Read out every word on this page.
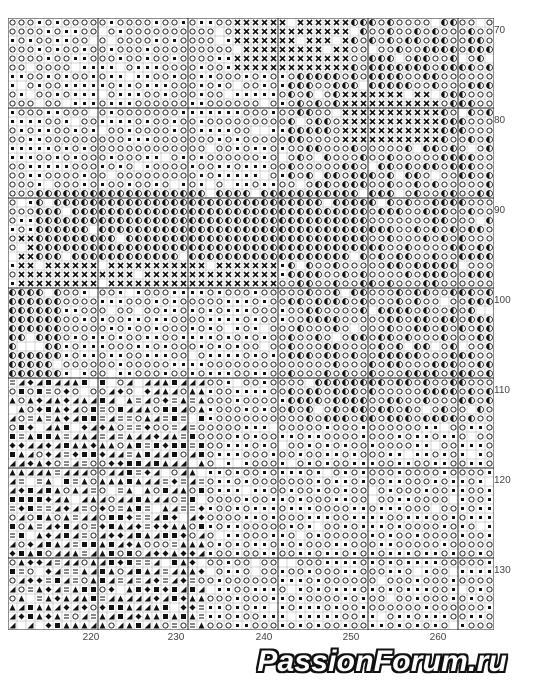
70
80
90
100
110
120
130
220	230	240	250	260
PassionForum.ru
